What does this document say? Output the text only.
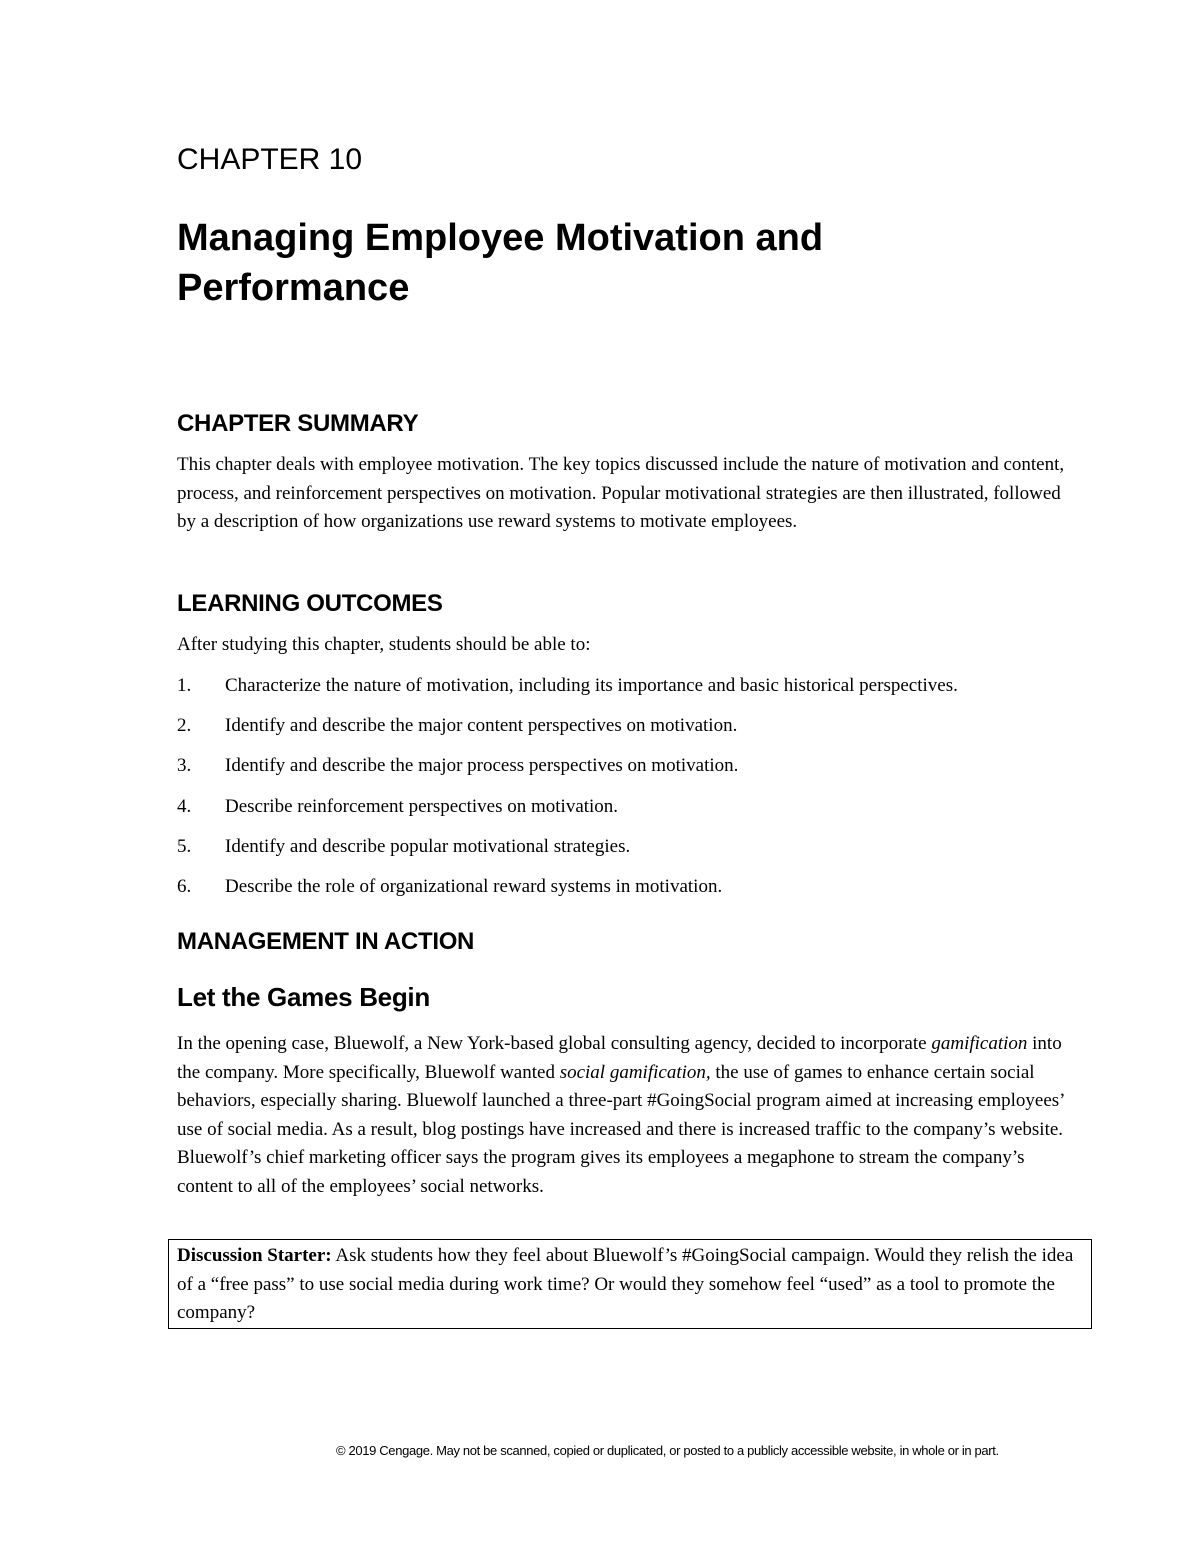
CHAPTER 10
Managing Employee Motivation and
Performance
CHAPTER SUMMARY

This chapter deals with employee motivation. The key topics discussed include the nature of motivation and content, process, and reinforcement perspectives on motivation. Popular motivational strategies are then illustrated, followed by a description of how organizations use reward systems to motivate employees.

LEARNING OUTCOMES

After studying this chapter, students should be able to:

1.	Characterize the nature of motivation, including its importance and basic historical perspectives.
2.	Identify and describe the major content perspectives on motivation.
3.	Identify and describe the major process perspectives on motivation.
4.	Describe reinforcement perspectives on motivation.
5.	Identify and describe popular motivational strategies.
6.	Describe the role of organizational reward systems in motivation.
MANAGEMENT IN ACTION
Let the Games Begin

In the opening case, Bluewolf, a New York-based global consulting agency, decided to incorporate gamification into the company. More specifically, Bluewolf wanted social gamification, the use of games to enhance certain social behaviors, especially sharing. Bluewolf launched a three-part #GoingSocial program aimed at increasing employees’ use of social media. As a result, blog postings have increased and there is increased traffic to the company’s website. Bluewolf’s chief marketing officer says the program gives its employees a megaphone to stream the company’s content to all of the employees’ social networks.

Discussion Starter: Ask students how they feel about Bluewolf’s #GoingSocial campaign. Would they relish the idea of a “free pass” to use social media during work time? Or would they somehow feel “used” as a tool to promote the company?
© 2019 Cengage. May not be scanned, copied or duplicated, or posted to a publicly accessible website, in whole or in part.
